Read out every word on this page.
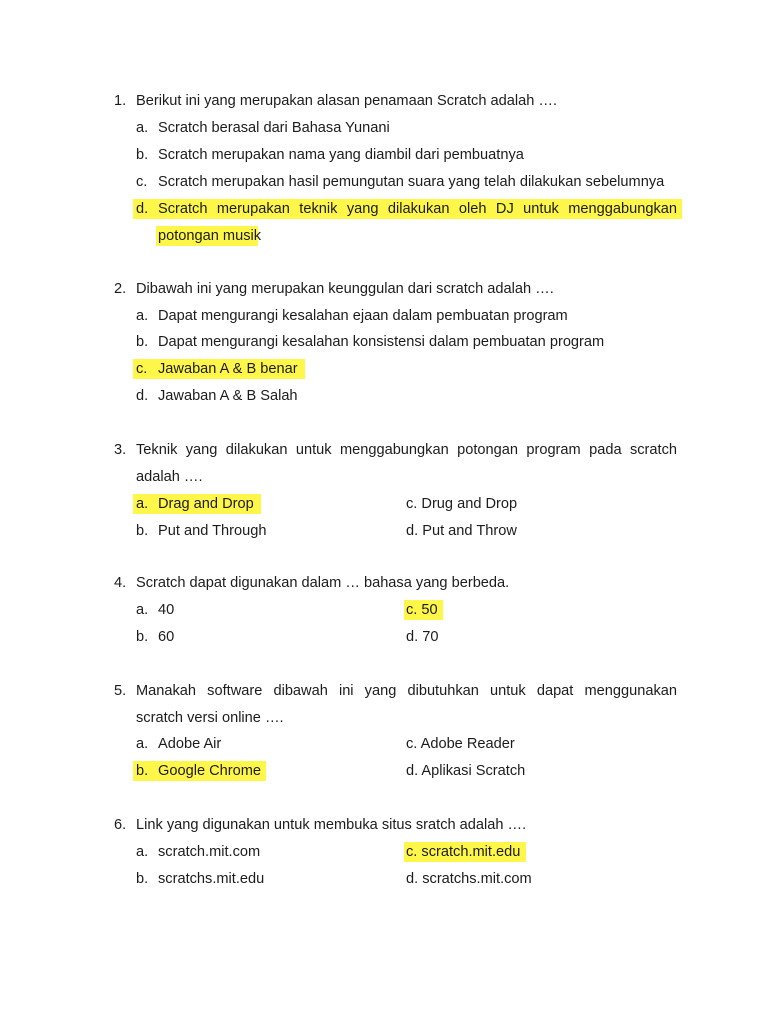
1. Berikut ini yang merupakan alasan penamaan Scratch adalah ….
a. Scratch berasal dari Bahasa Yunani
b. Scratch merupakan nama yang diambil dari pembuatnya
c. Scratch merupakan hasil pemungutan suara yang telah dilakukan sebelumnya
d. Scratch merupakan teknik yang dilakukan oleh DJ untuk menggabungkan
potongan musik
2. Dibawah ini yang merupakan keunggulan dari scratch adalah ….
a. Dapat mengurangi kesalahan ejaan dalam pembuatan program
b. Dapat mengurangi kesalahan konsistensi dalam pembuatan program
c. Jawaban A & B benar
d. Jawaban A & B Salah
3. Teknik yang dilakukan untuk menggabungkan potongan program pada scratch
adalah ….
a. Drag and Drop	c. Drug and Drop
b. Put and Through	d. Put and Throw
4. Scratch dapat digunakan dalam … bahasa yang berbeda.
a. 40	c. 50
b. 60	d. 70
5. Manakah software dibawah ini yang dibutuhkan untuk dapat menggunakan
scratch versi online ….
a. Adobe Air	c. Adobe Reader
b. Google Chrome	d. Aplikasi Scratch
6. Link yang digunakan untuk membuka situs sratch adalah ….
a. scratch.mit.com	c. scratch.mit.edu
b. scratchs.mit.edu	d. scratchs.mit.com
